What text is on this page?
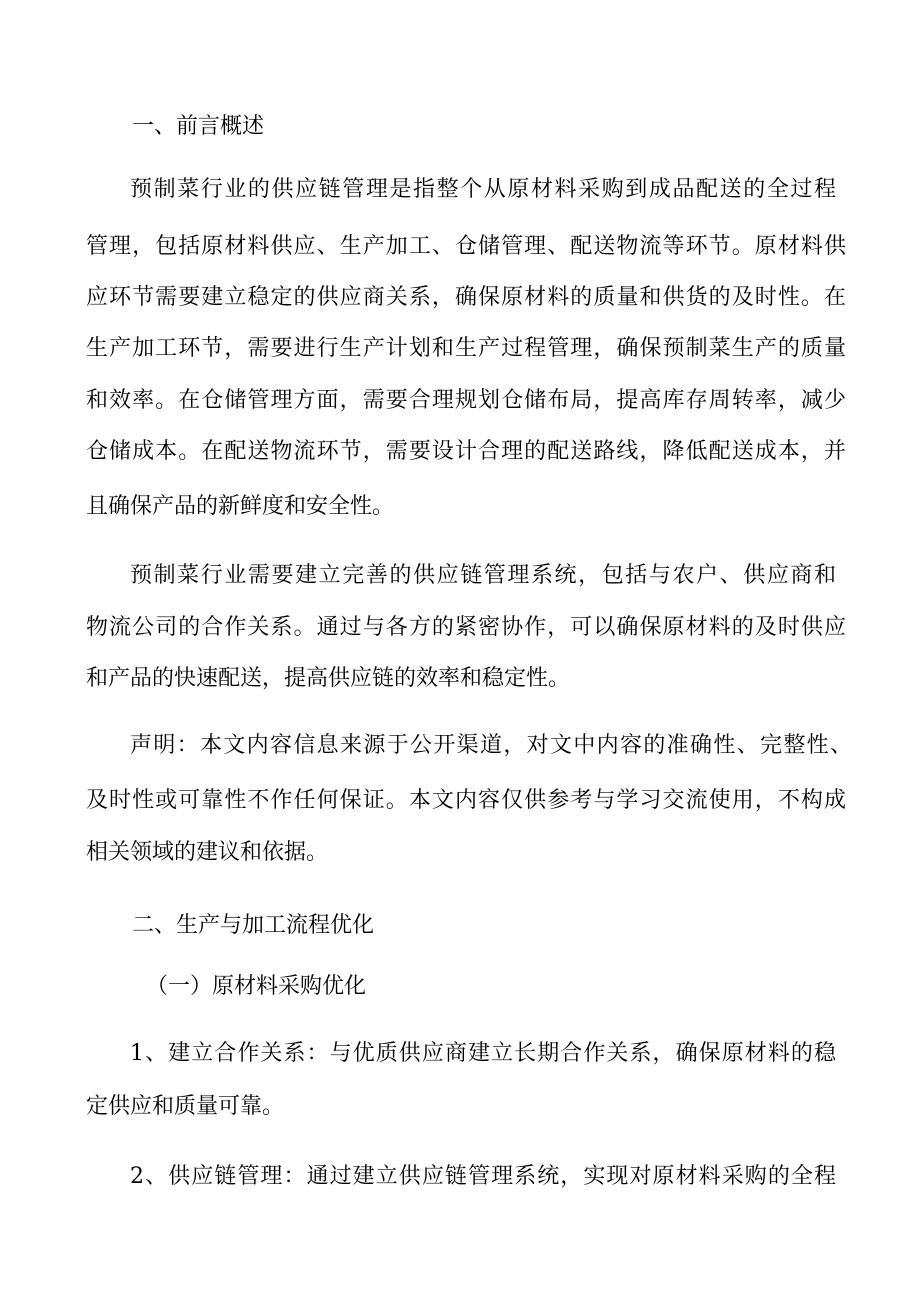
一、前言概述
预制菜行业的供应链管理是指整个从原材料采购到成品配送的全过程
管理，包括原材料供应、生产加工、仓储管理、配送物流等环节。原材料供
应环节需要建立稳定的供应商关系，确保原材料的质量和供货的及时性。在
生产加工环节，需要进行生产计划和生产过程管理，确保预制菜生产的质量
和效率。在仓储管理方面，需要合理规划仓储布局，提高库存周转率，减少
仓储成本。在配送物流环节，需要设计合理的配送路线，降低配送成本，并
且确保产品的新鲜度和安全性。
预制菜行业需要建立完善的供应链管理系统，包括与农户、供应商和
物流公司的合作关系。通过与各方的紧密协作，可以确保原材料的及时供应
和产品的快速配送，提高供应链的效率和稳定性。
声明：本文内容信息来源于公开渠道，对文中内容的准确性、完整性、
及时性或可靠性不作任何保证。本文内容仅供参考与学习交流使用，不构成
相关领域的建议和依据。
二、生产与加工流程优化
（一）原材料采购优化
1、建立合作关系：与优质供应商建立长期合作关系，确保原材料的稳
定供应和质量可靠。
2、供应链管理：通过建立供应链管理系统，实现对原材料采购的全程
